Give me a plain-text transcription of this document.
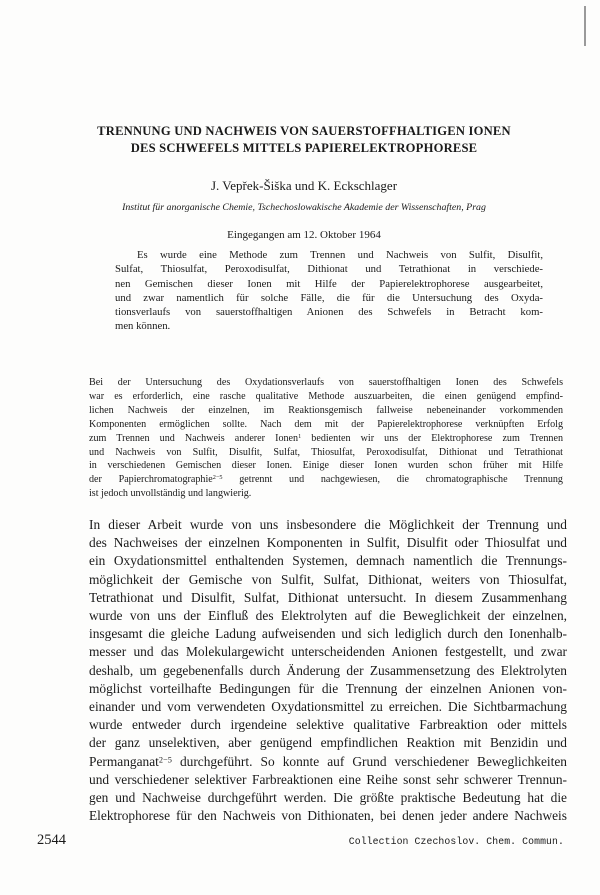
TRENNUNG UND NACHWEIS VON SAUERSTOFFHALTIGEN IONEN
DES SCHWEFELS MITTELS PAPIERELEKTROPHORESE
J. Vepřek-Šiška und K. Eckschlager
Institut für anorganische Chemie, Tschechoslowakische Akademie der Wissenschaften, Prag
Eingegangen am 12. Oktober 1964
Es wurde eine Methode zum Trennen und Nachweis von Sulfit, Disulfit,
Sulfat, Thiosulfat, Peroxodisulfat, Dithionat und Tetrathionat in verschiede-
nen Gemischen dieser Ionen mit Hilfe der Papierelektrophorese ausgearbeitet,
und zwar namentlich für solche Fälle, die für die Untersuchung des Oxyda-
tionsverlaufs von sauerstoffhaltigen Anionen des Schwefels in Betracht kom-
men können.
Bei der Untersuchung des Oxydationsverlaufs von sauerstoffhaltigen Ionen des Schwefels
war es erforderlich, eine rasche qualitative Methode auszuarbeiten, die einen genügend empfind-
lichen Nachweis der einzelnen, im Reaktionsgemisch fallweise nebeneinander vorkommenden
Komponenten ermöglichen sollte. Nach dem mit der Papierelektrophorese verknüpften Erfolg
zum Trennen und Nachweis anderer Ionen$^1$ bedienten wir uns der Elektrophorese zum Trennen
und Nachweis von Sulfit, Disulfit, Sulfat, Thiosulfat, Peroxodisulfat, Dithionat und Tetrathionat
in verschiedenen Gemischen dieser Ionen. Einige dieser Ionen wurden schon früher mit Hilfe
der Papierchromatographie$^{2-5}$ getrennt und nachgewiesen, die chromatographische Trennung
ist jedoch unvollständig und langwierig.
In dieser Arbeit wurde von uns insbesondere die Möglichkeit der Trennung und
des Nachweises der einzelnen Komponenten in Sulfit, Disulfit oder Thiosulfat und
ein Oxydationsmittel enthaltenden Systemen, demnach namentlich die Trennungs-
möglichkeit der Gemische von Sulfit, Sulfat, Dithionat, weiters von Thiosulfat,
Tetrathionat und Disulfit, Sulfat, Dithionat untersucht. In diesem Zusammenhang
wurde von uns der Einfluß des Elektrolyten auf die Beweglichkeit der einzelnen,
insgesamt die gleiche Ladung aufweisenden und sich lediglich durch den Ionenhalb-
messer und das Molekulargewicht unterscheidenden Anionen festgestellt, und zwar
deshalb, um gegebenenfalls durch Änderung der Zusammensetzung des Elektrolyten
möglichst vorteilhafte Bedingungen für die Trennung der einzelnen Anionen von-
einander und vom verwendeten Oxydationsmittel zu erreichen. Die Sichtbarmachung
wurde entweder durch irgendeine selektive qualitative Farbreaktion oder mittels
der ganz unselektiven, aber genügend empfindlichen Reaktion mit Benzidin und
Permanganat$^{2-5}$ durchgeführt. So konnte auf Grund verschiedener Beweglichkeiten
und verschiedener selektiver Farbreaktionen eine Reihe sonst sehr schwerer Trennun-
gen und Nachweise durchgeführt werden. Die größte praktische Bedeutung hat die
Elektrophorese für den Nachweis von Dithionaten, bei denen jeder andere Nachweis
2544	Collection Czechoslov. Chem. Commun.
